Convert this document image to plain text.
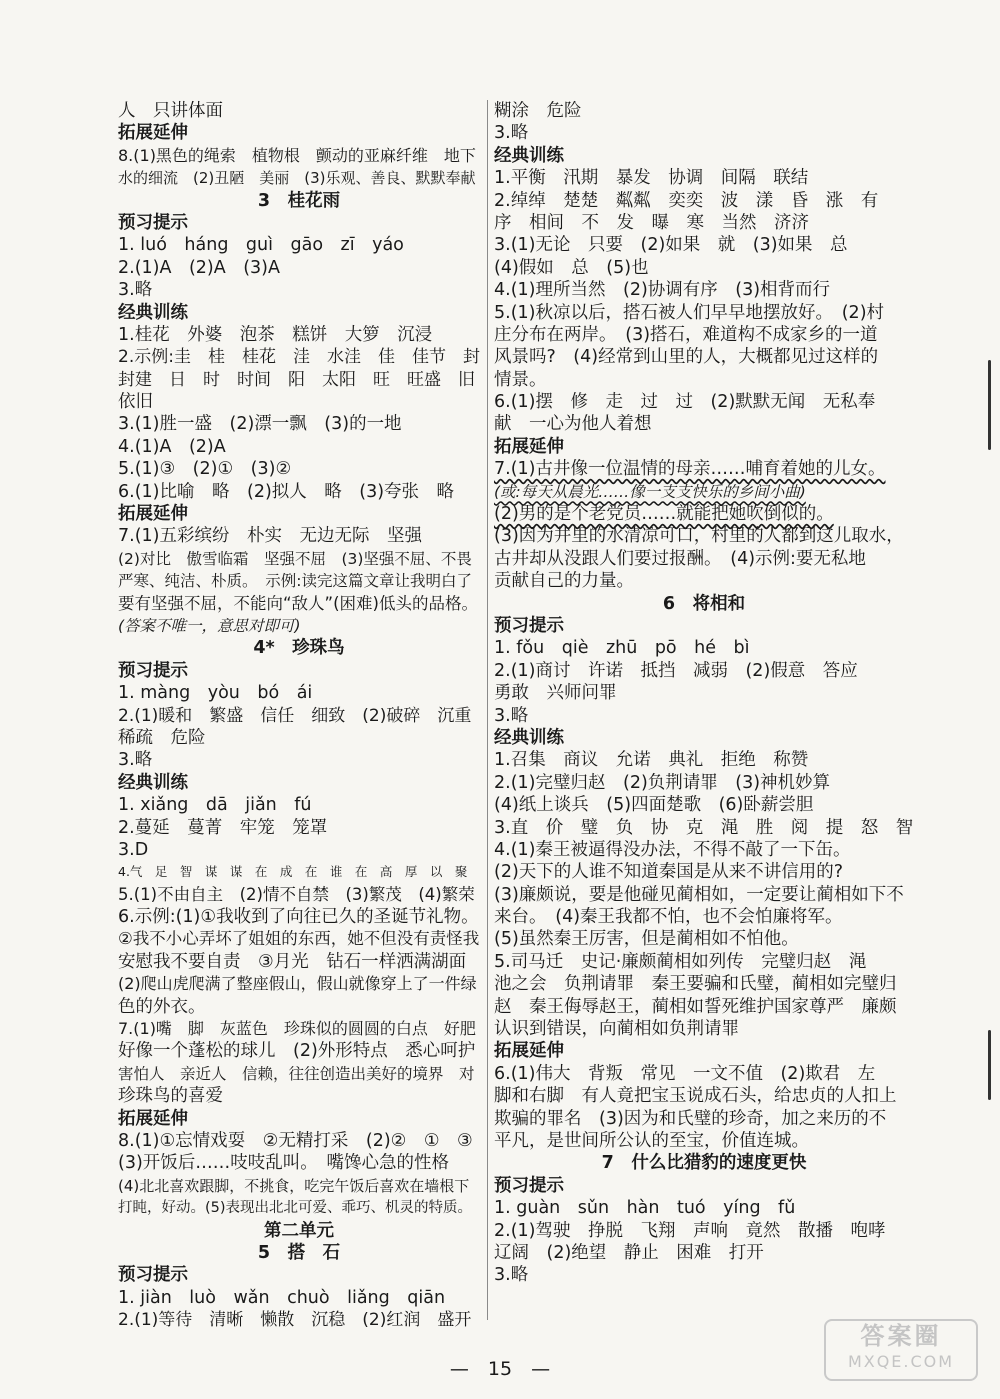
人　只讲体面
拓展延伸
8.(1)黑色的绳索　植物根　颤动的亚麻纤维　地下
水的细流　(2)丑陋　美丽　(3)乐观、善良、默默奉献
3　桂花雨
预习提示
1. luó　háng　guì　gāo　zī　yáo
2.(1)A　(2)A　(3)A
3.略
经典训练
1.桂花　外婆　泡茶　糕饼　大箩　沉浸
2.示例:圭　桂　桂花　洼　水洼　佳　佳节　封
封建　日　时　时间　阳　太阳　旺　旺盛　旧
依旧
3.(1)胜一盛　(2)漂一飘　(3)的一地
4.(1)A　(2)A
5.(1)③　(2)①　(3)②
6.(1)比喻　略　(2)拟人　略　(3)夸张　略
拓展延伸
7.(1)五彩缤纷　朴实　无边无际　坚强
(2)对比　傲雪临霜　坚强不屈　(3)坚强不屈、不畏
严寒、纯洁、朴质。　示例:读完这篇文章让我明白了
要有坚强不屈，不能向“敌人”(困难)低头的品格。
(答案不唯一，意思对即可)
4*　珍珠鸟
预习提示
1. màng　yòu　bó　ái
2.(1)暖和　繁盛　信任　细致　(2)破碎　沉重
稀疏　危险
3.略
经典训练
1. xiǎng　dā　jiǎn　fú
2.蔓延　蔓菁　牢笼　笼罩
3.D
4.气　足　智　谋　谋　在　成　在　谁　在　高　厚　以　聚
5.(1)不由自主　(2)情不自禁　(3)繁茂　(4)繁荣
6.示例:(1)①我收到了向往已久的圣诞节礼物。
②我不小心弄坏了姐姐的东西，她不但没有责怪我
安慰我不要自责　③月光　钻石一样洒满湖面
(2)爬山虎爬满了整座假山，假山就像穿上了一件绿
色的外衣。
7.(1)嘴　脚　灰蓝色　珍珠似的圆圆的白点　好肥
好像一个蓬松的球儿　(2)外形特点　悉心呵护
害怕人　亲近人　信赖，往往创造出美好的境界　对
珍珠鸟的喜爱
拓展延伸
8.(1)①忘情戏耍　②无精打采　(2)②　①　③
(3)开饭后……吱吱乱叫。　嘴馋心急的性格
(4)北北喜欢跟脚，不挑食，吃完午饭后喜欢在墙根下
打盹，好动。(5)表现出北北可爱、乖巧、机灵的特质。
第二单元
5　搭　石
预习提示
1. jiàn　luò　wǎn　chuò　liǎng　qiān
2.(1)等待　清晰　懒散　沉稳　(2)红润　盛开
糊涂　危险
3.略
经典训练
1.平衡　汛期　暴发　协调　间隔　联结
2.绰绰　楚楚　粼粼　奕奕　波　漾　昏　涨　有
序　相间　不　发　曝　寒　当然　济济
3.(1)无论　只要　(2)如果　就　(3)如果　总
(4)假如　总　(5)也
4.(1)理所当然　(2)协调有序　(3)相背而行
5.(1)秋凉以后，搭石被人们早早地摆放好。　(2)村
庄分布在两岸。　(3)搭石，难道构不成家乡的一道
风景吗?　(4)经常到山里的人，大概都见过这样的
情景。
6.(1)摆　修　走　过　过　(2)默默无闻　无私奉
献　一心为他人着想
拓展延伸
7.(1)古井像一位温情的母亲……哺育着她的儿女。
(或:每天从晨光……像一支支快乐的乡间小曲)
(2)男的是个老党员……就能把她吹倒似的。
(3)因为井里的水清凉可口，村里的人都到这儿取水，
古井却从没跟人们要过报酬。　(4)示例:要无私地
贡献自己的力量。
6　将相和
预习提示
1. fǒu　qiè　zhū　pō　hé　bì
2.(1)商讨　许诺　抵挡　减弱　(2)假意　答应
勇敢　兴师问罪
3.略
经典训练
1.召集　商议　允诺　典礼　拒绝　称赞
2.(1)完璧归赵　(2)负荆请罪　(3)神机妙算
(4)纸上谈兵　(5)四面楚歌　(6)卧薪尝胆
3.直　价　璧　负　协　克　渑　胜　阅　提　怒　智
4.(1)秦王被逼得没办法，不得不敲了一下缶。
(2)天下的人谁不知道秦国是从来不讲信用的?
(3)廉颇说，要是他碰见蔺相如，一定要让蔺相如下不
来台。　(4)秦王我都不怕，也不会怕廉将军。
(5)虽然秦王厉害，但是蔺相如不怕他。
5.司马迁　史记·廉颇蔺相如列传　完璧归赵　渑
池之会　负荆请罪　秦王要骗和氏璧，蔺相如完璧归
赵　秦王侮辱赵王，蔺相如誓死维护国家尊严　廉颇
认识到错误，向蔺相如负荆请罪
拓展延伸
6.(1)伟大　背叛　常见　一文不值　(2)欺君　左
脚和右脚　有人竟把宝玉说成石头，给忠贞的人扣上
欺骗的罪名　(3)因为和氏璧的珍奇，加之来历的不
平凡，是世间所公认的至宝，价值连城。
7　什么比猎豹的速度更快
预习提示
1. guàn　sǔn　hàn　tuó　yíng　fǔ
2.(1)驾驶　挣脱　飞翔　声响　竟然　散播　咆哮
辽阔　(2)绝望　静止　困难　打开
3.略
—　15　—
答案圈
MXQE.COM
